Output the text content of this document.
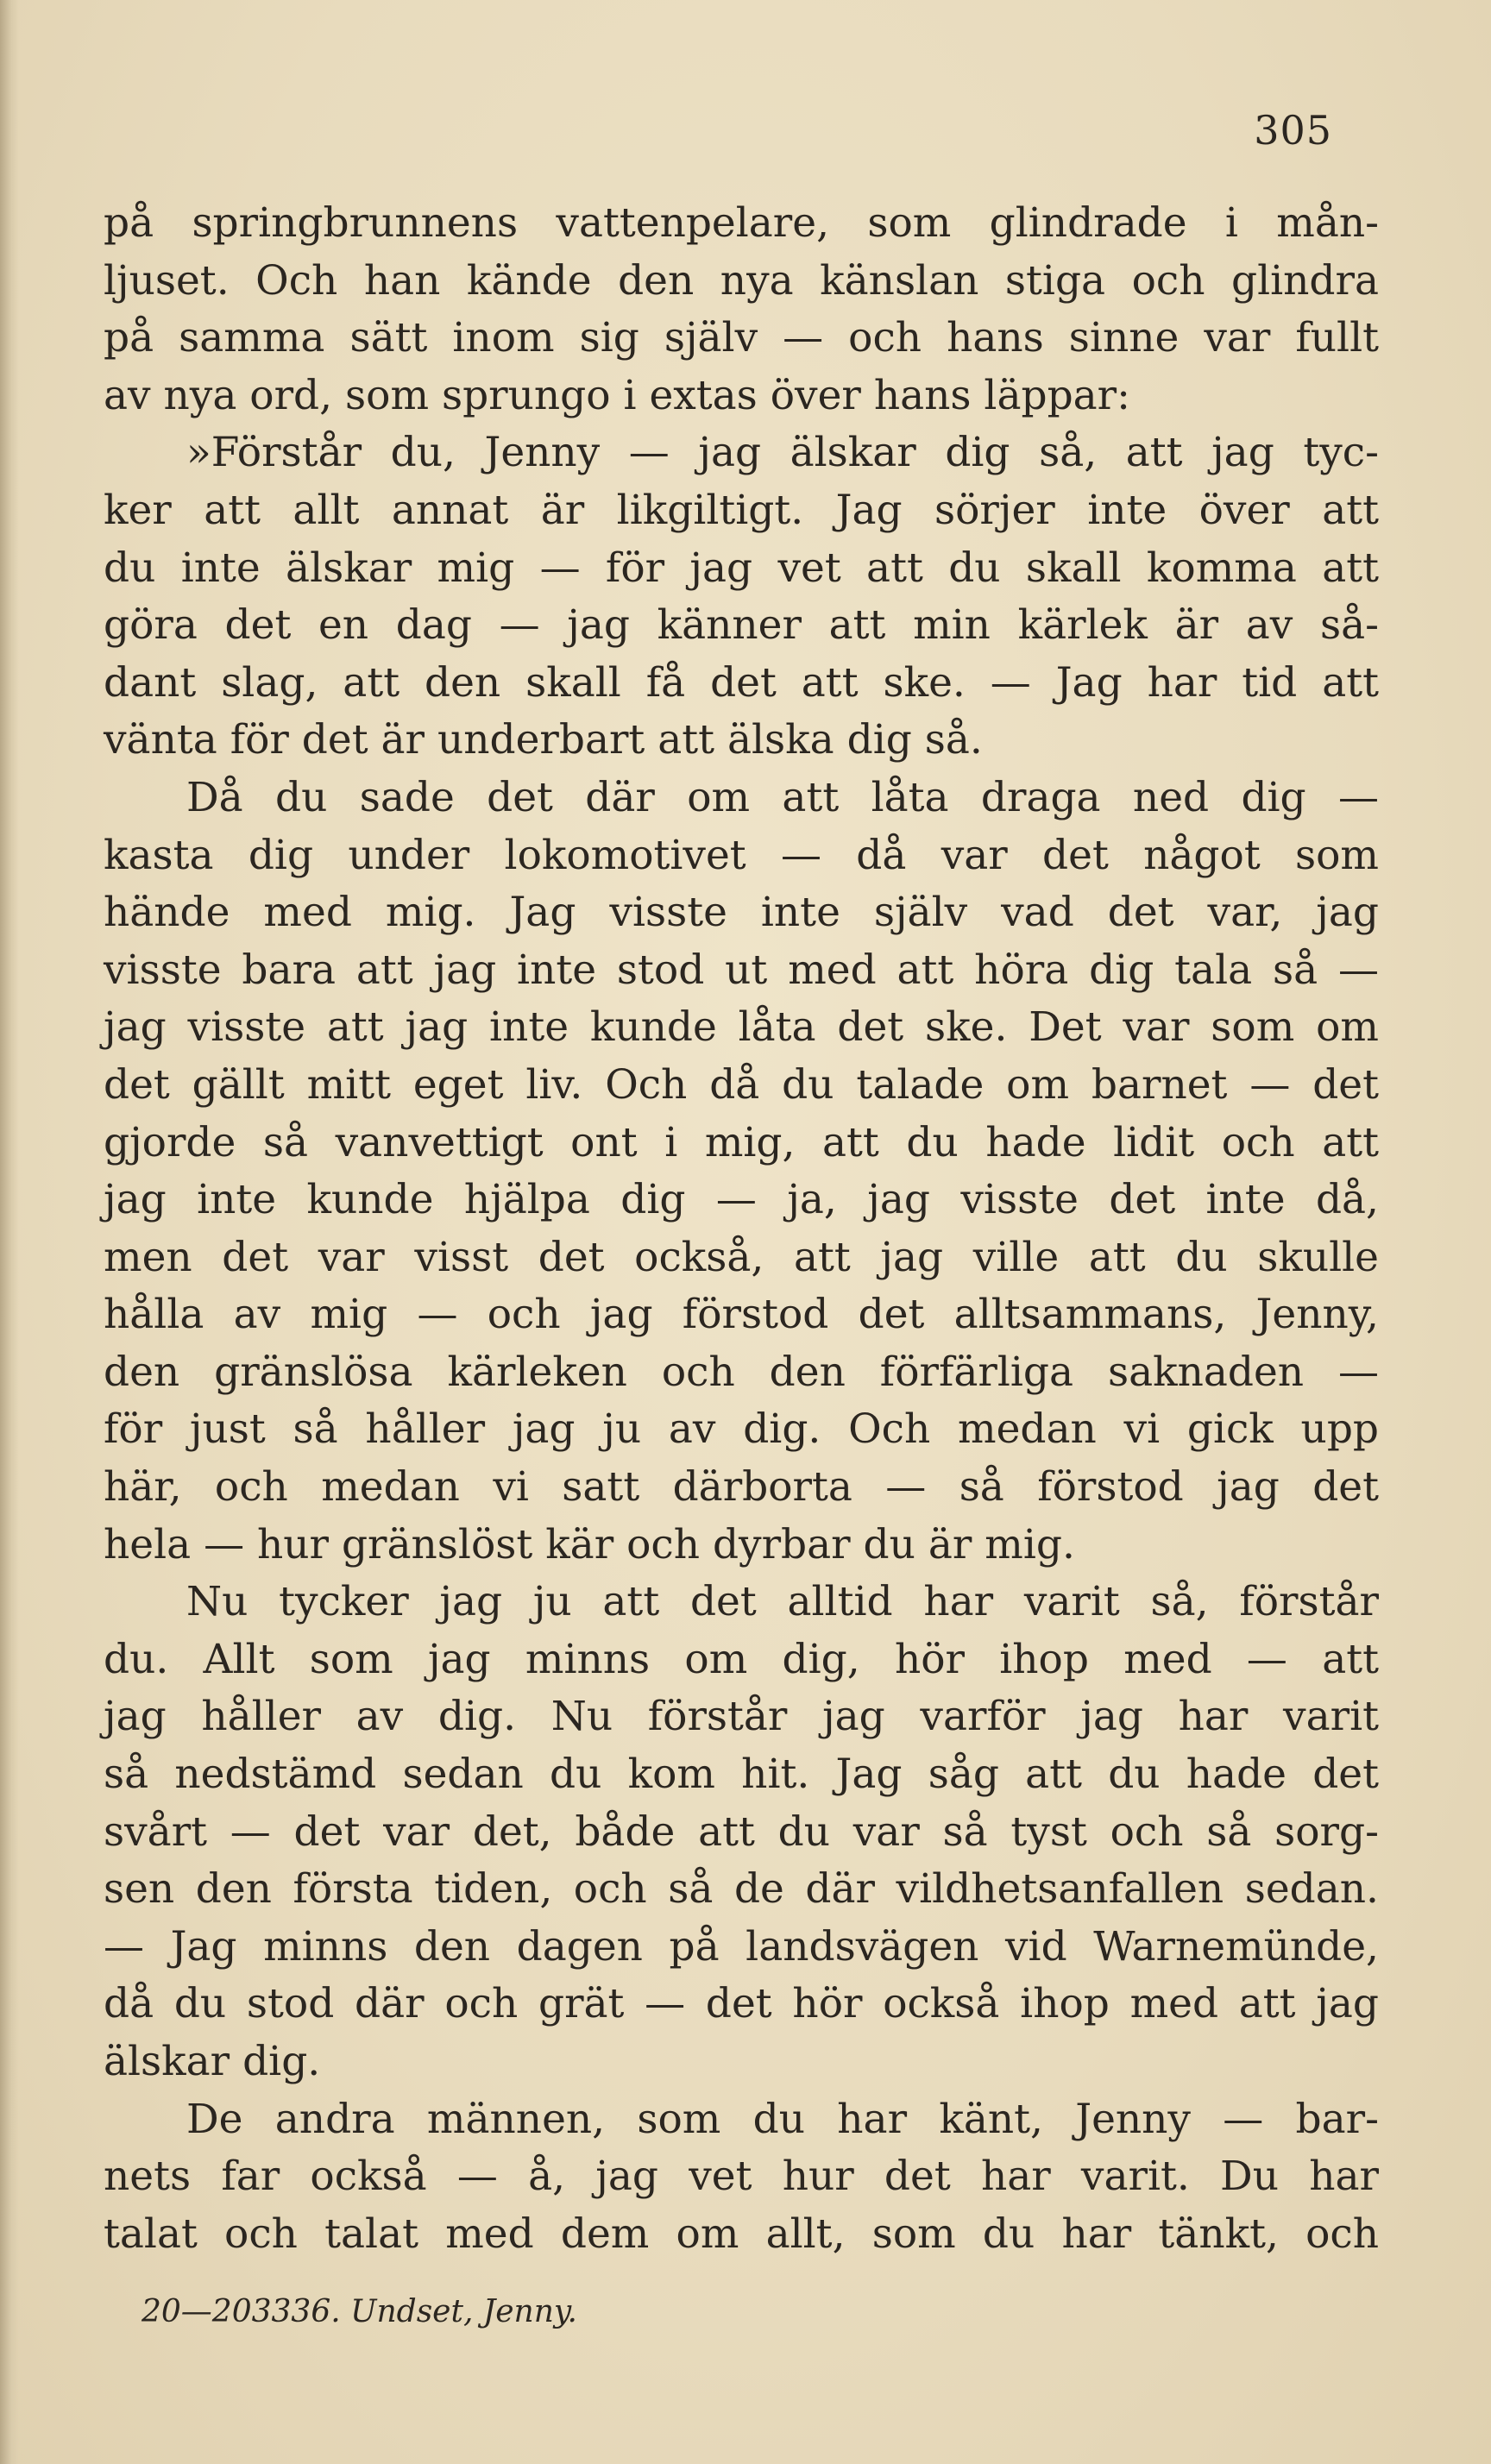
305
på springbrunnens vattenpelare, som glindrade i mån-
ljuset. Och han kände den nya känslan stiga och glindra
på samma sätt inom sig själv — och hans sinne var fullt
av nya ord, som sprungo i extas över hans läppar:
»Förstår du, Jenny — jag älskar dig så, att jag tyc-
ker att allt annat är likgiltigt. Jag sörjer inte över att
du inte älskar mig — för jag vet att du skall komma att
göra det en dag — jag känner att min kärlek är av så-
dant slag, att den skall få det att ske. — Jag har tid att
vänta för det är underbart att älska dig så.
Då du sade det där om att låta draga ned dig —
kasta dig under lokomotivet — då var det något som
hände med mig. Jag visste inte själv vad det var, jag
visste bara att jag inte stod ut med att höra dig tala så —
jag visste att jag inte kunde låta det ske. Det var som om
det gällt mitt eget liv. Och då du talade om barnet — det
gjorde så vanvettigt ont i mig, att du hade lidit och att
jag inte kunde hjälpa dig — ja, jag visste det inte då,
men det var visst det också, att jag ville att du skulle
hålla av mig — och jag förstod det alltsammans, Jenny,
den gränslösa kärleken och den förfärliga saknaden —
för just så håller jag ju av dig. Och medan vi gick upp
här, och medan vi satt därborta — så förstod jag det
hela — hur gränslöst kär och dyrbar du är mig.
Nu tycker jag ju att det alltid har varit så, förstår
du. Allt som jag minns om dig, hör ihop med — att
jag håller av dig. Nu förstår jag varför jag har varit
så nedstämd sedan du kom hit. Jag såg att du hade det
svårt — det var det, både att du var så tyst och så sorg-
sen den första tiden, och så de där vildhetsanfallen sedan.
— Jag minns den dagen på landsvägen vid Warnemünde,
då du stod där och grät — det hör också ihop med att jag
älskar dig.
De andra männen, som du har känt, Jenny — bar-
nets far också — å, jag vet hur det har varit. Du har
talat och talat med dem om allt, som du har tänkt, och
20—203336. Undset, Jenny.
